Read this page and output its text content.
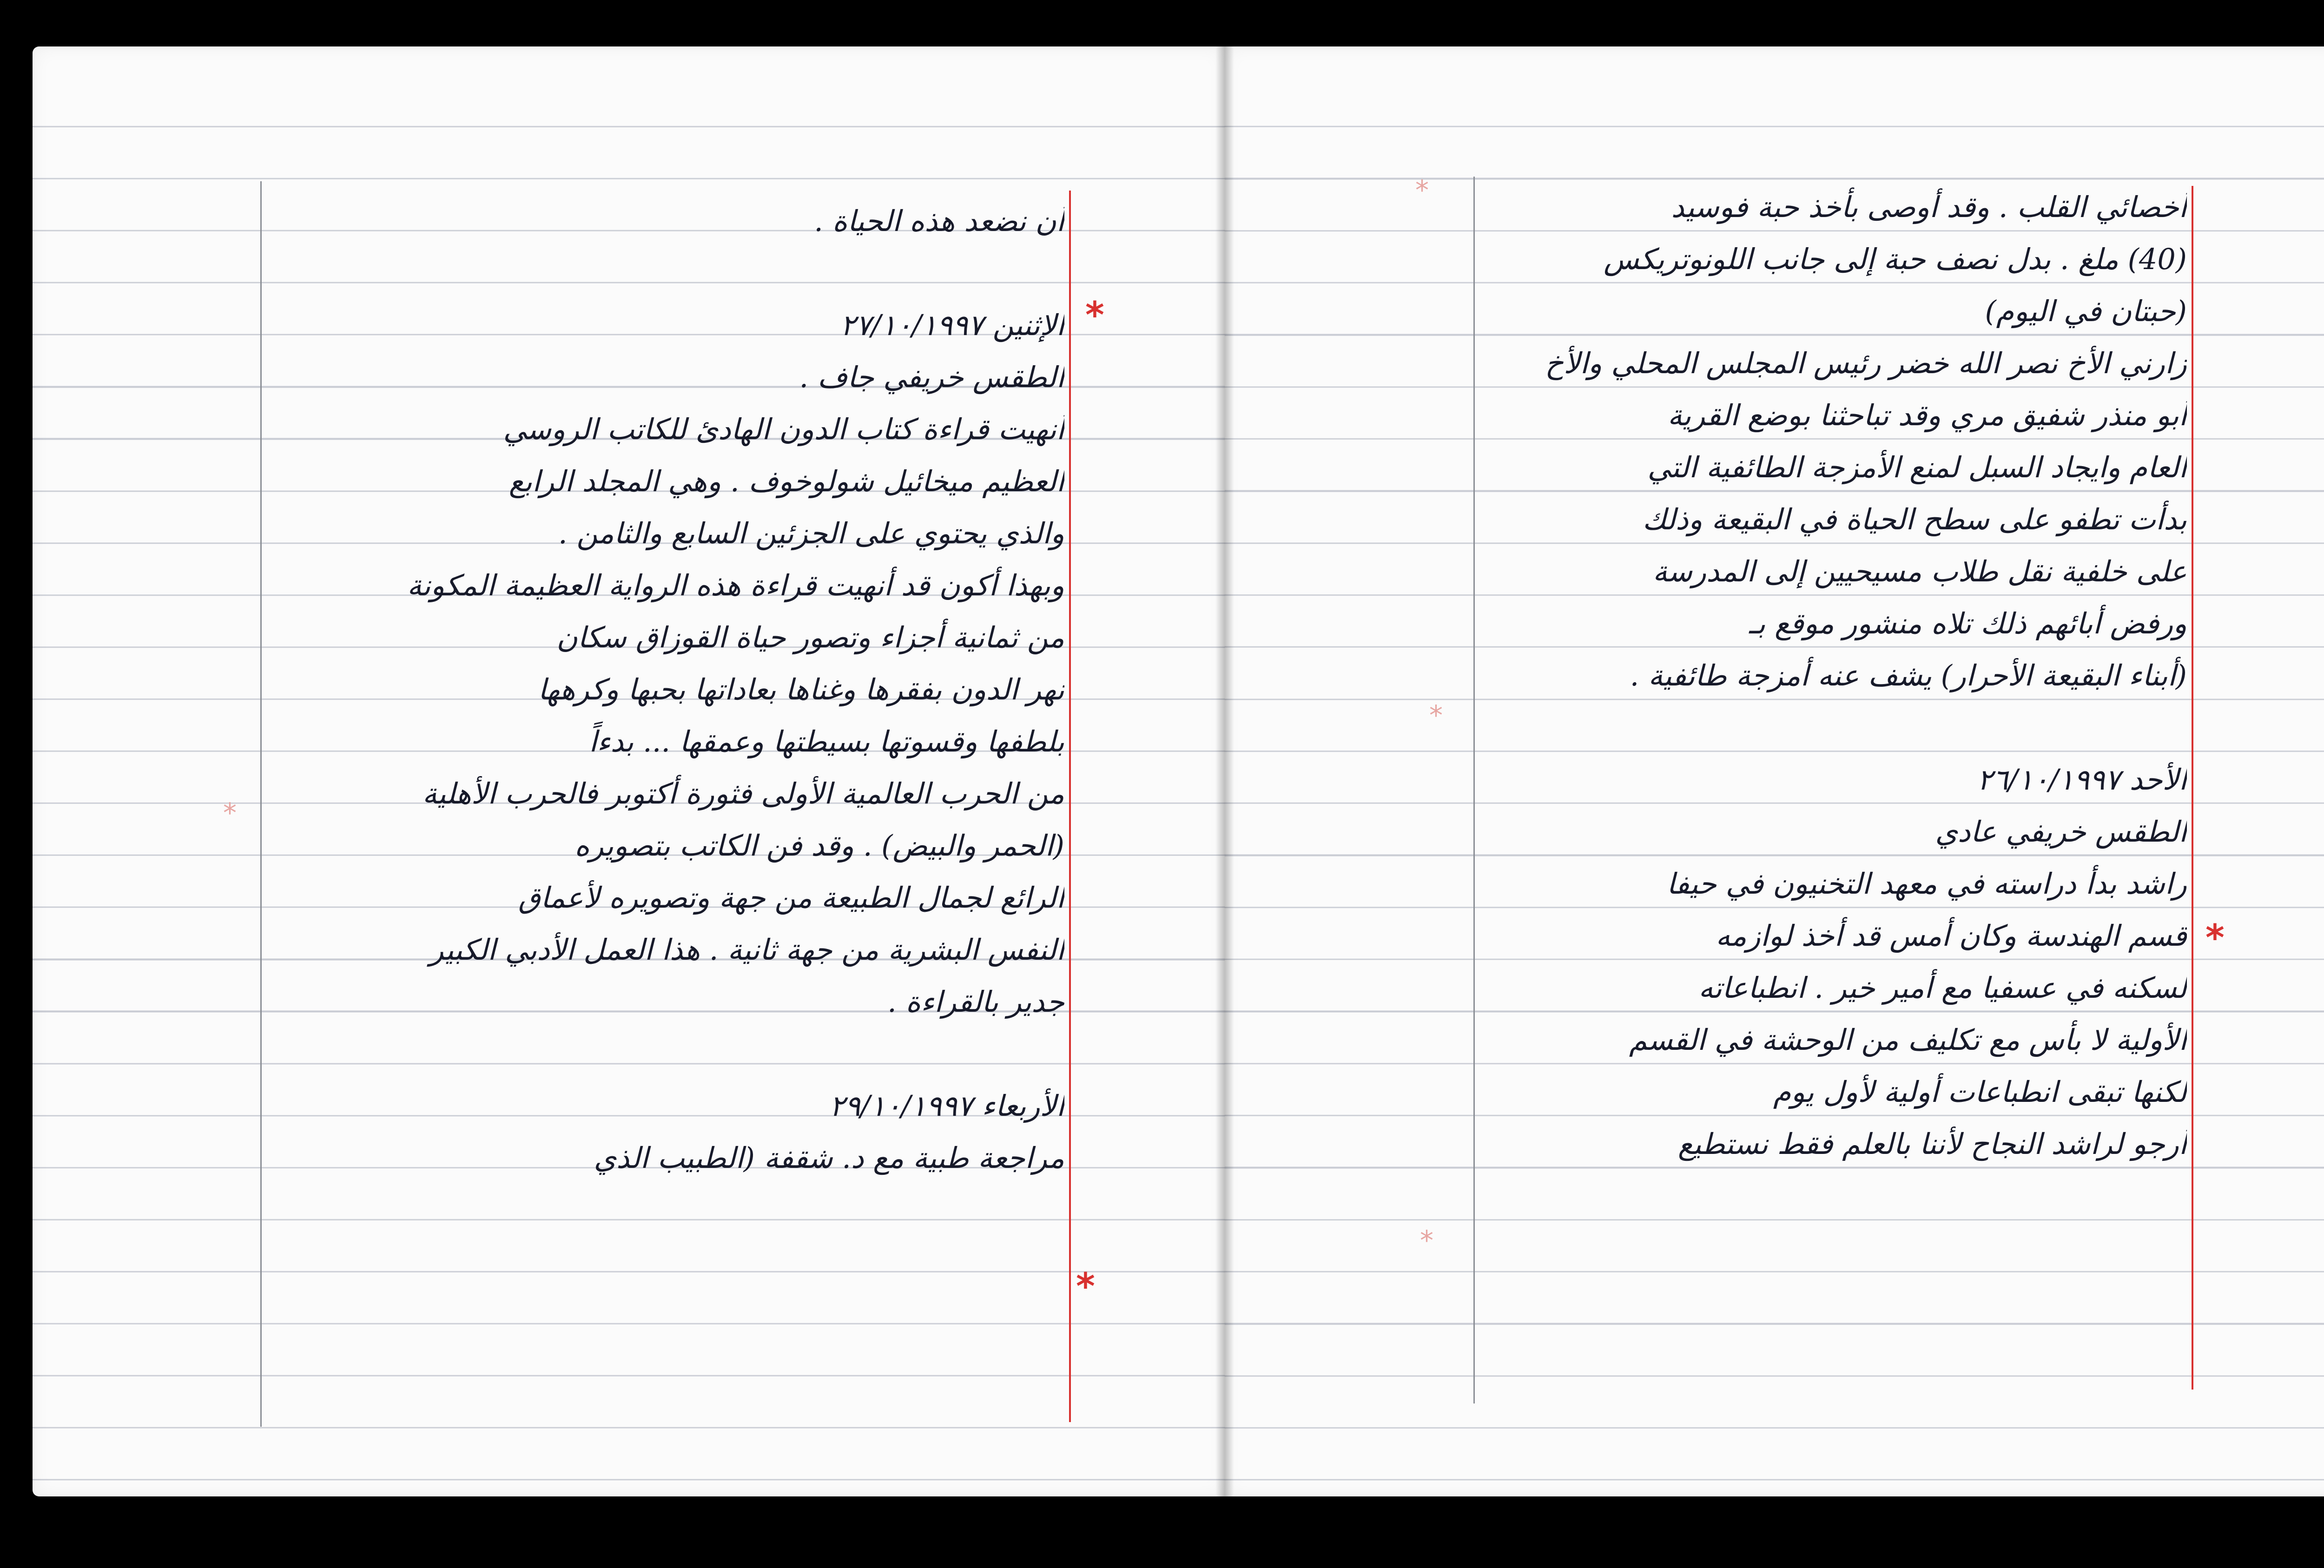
أن نضعد هذه الحياة .
الإثنين ٢٧/١٠/١٩٩٧
الطقس خريفي جاف .
أنهيت قراءة كتاب الدون الهادئ للكاتب الروسي
العظيم ميخائيل شولوخوف . وهي المجلد الرابع
والذي يحتوي على الجزئين السابع والثامن .
وبهذا أكون قد أنهيت قراءة هذه الرواية العظيمة المكونة
من ثمانية أجزاء وتصور حياة القوزاق سكان
نهر الدون بفقرها وغناها بعاداتها بحبها وكرهها
بلطفها وقسوتها بسيطتها وعمقها ... بدءاً
من الحرب العالمية الأولى فثورة أكتوبر فالحرب الأهلية
(الحمر والبيض) . وقد فن الكاتب بتصويره
الرائع لجمال الطبيعة من جهة وتصويره لأعماق
النفس البشرية من جهة ثانية . هذا العمل الأدبي الكبير
جدير بالقراءة .
الأربعاء ٢٩/١٠/١٩٩٧
مراجعة طبية مع د. شقفة (الطبيب الذي
*
*
*
أخصائي القلب . وقد أوصى بأخذ حبة فوسيد
(40) ملغ . بدل نصف حبة إلى جانب اللونوتريكس
(حبتان في اليوم)
زارني الأخ نصر الله خضر رئيس المجلس المحلي والأخ
أبو منذر شفيق مري وقد تباحثنا بوضع القرية
العام وايجاد السبل لمنع الأمزجة الطائفية التي
بدأت تطفو على سطح الحياة في البقيعة وذلك
على خلفية نقل طلاب مسيحيين إلى المدرسة
ورفض أبائهم ذلك تلاه منشور موقع بـ
(أبناء البقيعة الأحرار) يشف عنه أمزجة طائفية .
الأحد ٢٦/١٠/١٩٩٧
الطقس خريفي عادي
راشد بدأ دراسته في معهد التخنيون في حيفا
قسم الهندسة وكان أمس قد أخذ لوازمه
لسكنه في عسفيا مع أمير خير . انطباعاته
الأولية لا بأس مع تكليف من الوحشة في القسم
لكنها تبقى انطباعات أولية لأول يوم
أرجو لراشد النجاح لأننا بالعلم فقط نستطيع
*
*
*
*
